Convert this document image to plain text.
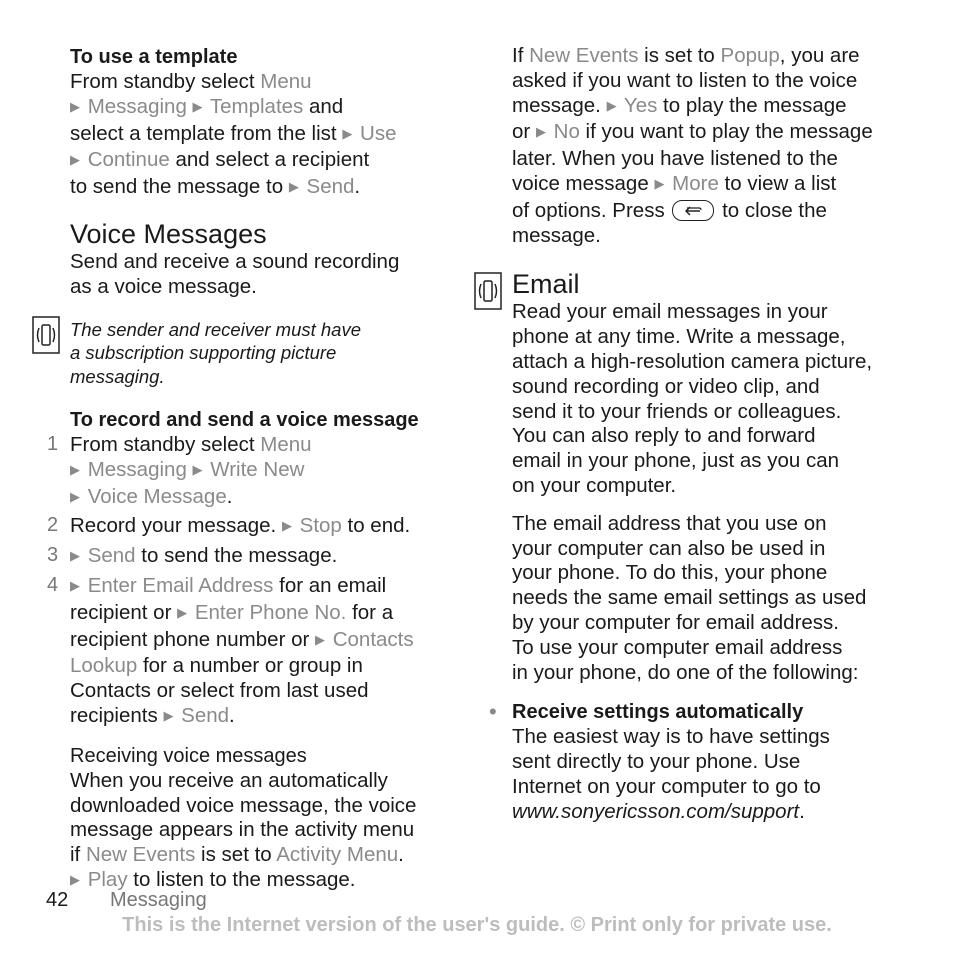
To use a template

From standby select Menu
▶ Messaging ▶ Templates and
select a template from the list ▶ Use
▶ Continue and select a recipient
to send the message to ▶ Send.

Voice Messages

Send and receive a sound recording
as a voice message.

The sender and receiver must have
a subscription supporting picture
messaging.

To record and send a voice message
1 From standby select Menu
▶ Messaging ▶ Write New
▶ Voice Message.

2 Record your message. ▶ Stop to end.

3 ▶ Send to send the message.

4 ▶ Enter Email Address for an email
recipient or ▶ Enter Phone No. for a
recipient phone number or ▶ Contacts
Lookup for a number or group in
Contacts or select from last used
recipients ▶ Send.

Receiving voice messages

When you receive an automatically
downloaded voice message, the voice
message appears in the activity menu
if New Events is set to Activity Menu.
▶ Play to listen to the message.

If New Events is set to Popup, you are
asked if you want to listen to the voice
message. ▶ Yes to play the message
or ▶ No if you want to play the message
later. When you have listened to the
voice message ▶ More to view a list
of options. Press
to close the
message.

Email

Read your email messages in your
phone at any time. Write a message,
attach a high-resolution camera picture,
sound recording or video clip, and
send it to your friends or colleagues.
You can also reply to and forward
email in your phone, just as you can
on your computer.

The email address that you use on
your computer can also be used in
your phone. To do this, your phone
needs the same email settings as used
by your computer for email address.
To use your computer email address
in your phone, do one of the following:

• Receive settings automatically

The easiest way is to have settings
sent directly to your phone. Use
Internet on your computer to go to
www.sonyericsson.com/support.

42 Messaging
This is the Internet version of the user's guide. © Print only for private use.
